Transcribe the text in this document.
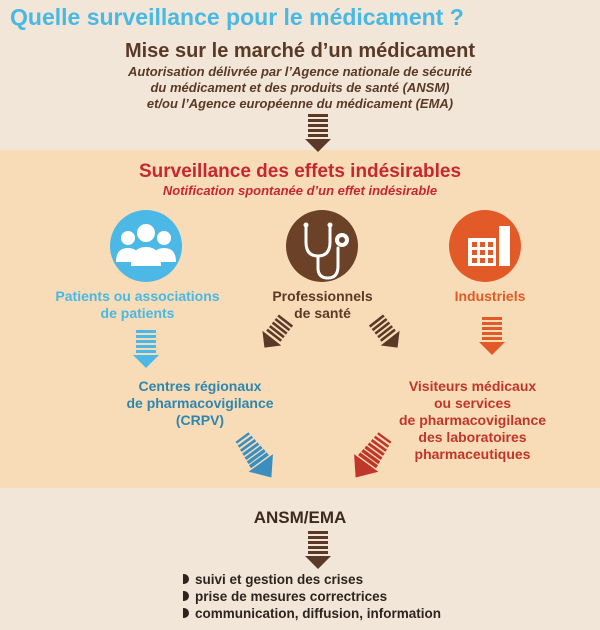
Quelle surveillance pour le médicament ?
Mise sur le marché d’un médicament
Autorisation délivrée par l’Agence nationale de sécurité
du médicament et des produits de santé (ANSM)
et/ou l’Agence européenne du médicament (EMA)
Surveillance des effets indésirables
Notification spontanée d’un effet indésirable
Patients ou associations
de patients
Professionnels
de santé
Industriels
Centres régionaux
de pharmacovigilance
(CRPV)
Visiteurs médicaux
ou services
de pharmacovigilance
des laboratoires
pharmaceutiques
ANSM/EMA
suivi et gestion des crises
prise de mesures correctrices
communication, diffusion, information
